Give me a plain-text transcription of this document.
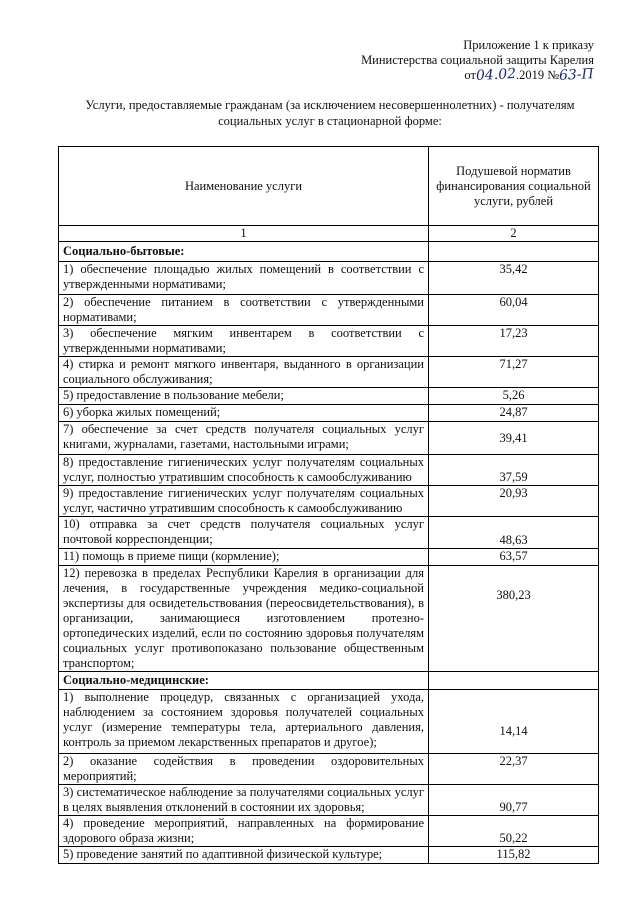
Приложение 1 к приказу
Министерства социальной защиты Карелия
от04.02.2019 №63-П
Услуги, предоставляемые гражданам (за исключением несовершеннолетних) - получателям социальных услуг в стационарной форме:
Наименование услуги	Подушевой норматив финансирования социальной услуги, рублей
1	2
Социально-бытовые:	
1) обеспечение площадью жилых помещений в соответствии с утвержденными нормативами;	35,42
2) обеспечение питанием в соответствии с утвержденными нормативами;	60,04
3) обеспечение мягким инвентарем в соответствии с утвержденными нормативами;	17,23
4) стирка и ремонт мягкого инвентаря, выданного в организации социального обслуживания;	71,27
5) предоставление в пользование мебели;	5,26
6) уборка жилых помещений;	24,87
7) обеспечение за счет средств получателя социальных услуг книгами, журналами, газетами, настольными играми;	39,41
8) предоставление гигиенических услуг получателям социальных услуг, полностью утратившим способность к самообслуживанию	37,59
9) предоставление гигиенических услуг получателям социальных услуг, частично утратившим способность к самообслуживанию	20,93
10) отправка за счет средств получателя социальных услуг почтовой корреспонденции;	48,63
11) помощь в приеме пищи (кормление);	63,57
12) перевозка в пределах Республики Карелия в организации для лечения, в государственные учреждения медико-социальной экспертизы для освидетельствования (переосвидетельствования), в организации, занимающиеся изготовлением протезно-ортопедических изделий, если по состоянию здоровья получателям социальных услуг противопоказано пользование общественным транспортом;	380,23
Социально-медицинские:	
1) выполнение процедур, связанных с организацией ухода, наблюдением за состоянием здоровья получателей социальных услуг (измерение температуры тела, артериального давления, контроль за приемом лекарственных препаратов и другое);	14,14
2) оказание содействия в проведении оздоровительных мероприятий;	22,37
3) систематическое наблюдение за получателями социальных услуг в целях выявления отклонений в состоянии их здоровья;	90,77
4) проведение мероприятий, направленных на формирование здорового образа жизни;	50,22
5) проведение занятий по адаптивной физической культуре;	115,82
